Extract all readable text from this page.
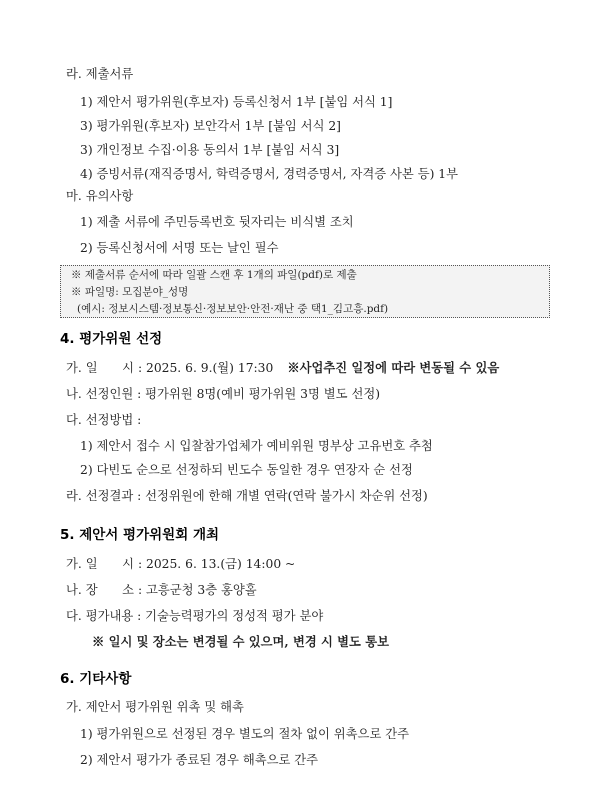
라. 제출서류
1) 제안서 평가위원(후보자) 등록신청서 1부 [붙임 서식 1]
3) 평가위원(후보자) 보안각서 1부 [붙임 서식 2]
3) 개인정보 수집·이용 동의서 1부 [붙임 서식 3]
4) 증빙서류(재직증명서, 학력증명서, 경력증명서, 자격증 사본 등) 1부
마. 유의사항
1) 제출 서류에 주민등록번호 뒷자리는 비식별 조치
2) 등록신청서에 서명 또는 날인 필수
※ 제출서류 순서에 따라 일괄 스캔 후 1개의 파일(pdf)로 제출
※ 파일명: 모집분야_성명
(예시: 정보시스템·정보통신·정보보안·안전·재난 중 택1_김고흥.pdf)
4. 평가위원 선정
가. 일　　시 : 2025. 6. 9.(월) 17:30 ※사업추진 일정에 따라 변동될 수 있음
나. 선정인원 : 평가위원 8명(예비 평가위원 3명 별도 선정)
다. 선정방법 :
1) 제안서 접수 시 입찰참가업체가 예비위원 명부상 고유번호 추첨
2) 다빈도 순으로 선정하되 빈도수 동일한 경우 연장자 순 선정
라. 선정결과 : 선정위원에 한해 개별 연락(연락 불가시 차순위 선정)
5. 제안서 평가위원회 개최
가. 일　　시 : 2025. 6. 13.(금) 14:00 ~
나. 장　　소 : 고흥군청 3층 홍양홀
다. 평가내용 : 기술능력평가의 정성적 평가 분야
※ 일시 및 장소는 변경될 수 있으며, 변경 시 별도 통보
6. 기타사항
가. 제안서 평가위원 위촉 및 해촉
1) 평가위원으로 선정된 경우 별도의 절차 없이 위촉으로 간주
2) 제안서 평가가 종료된 경우 해촉으로 간주
